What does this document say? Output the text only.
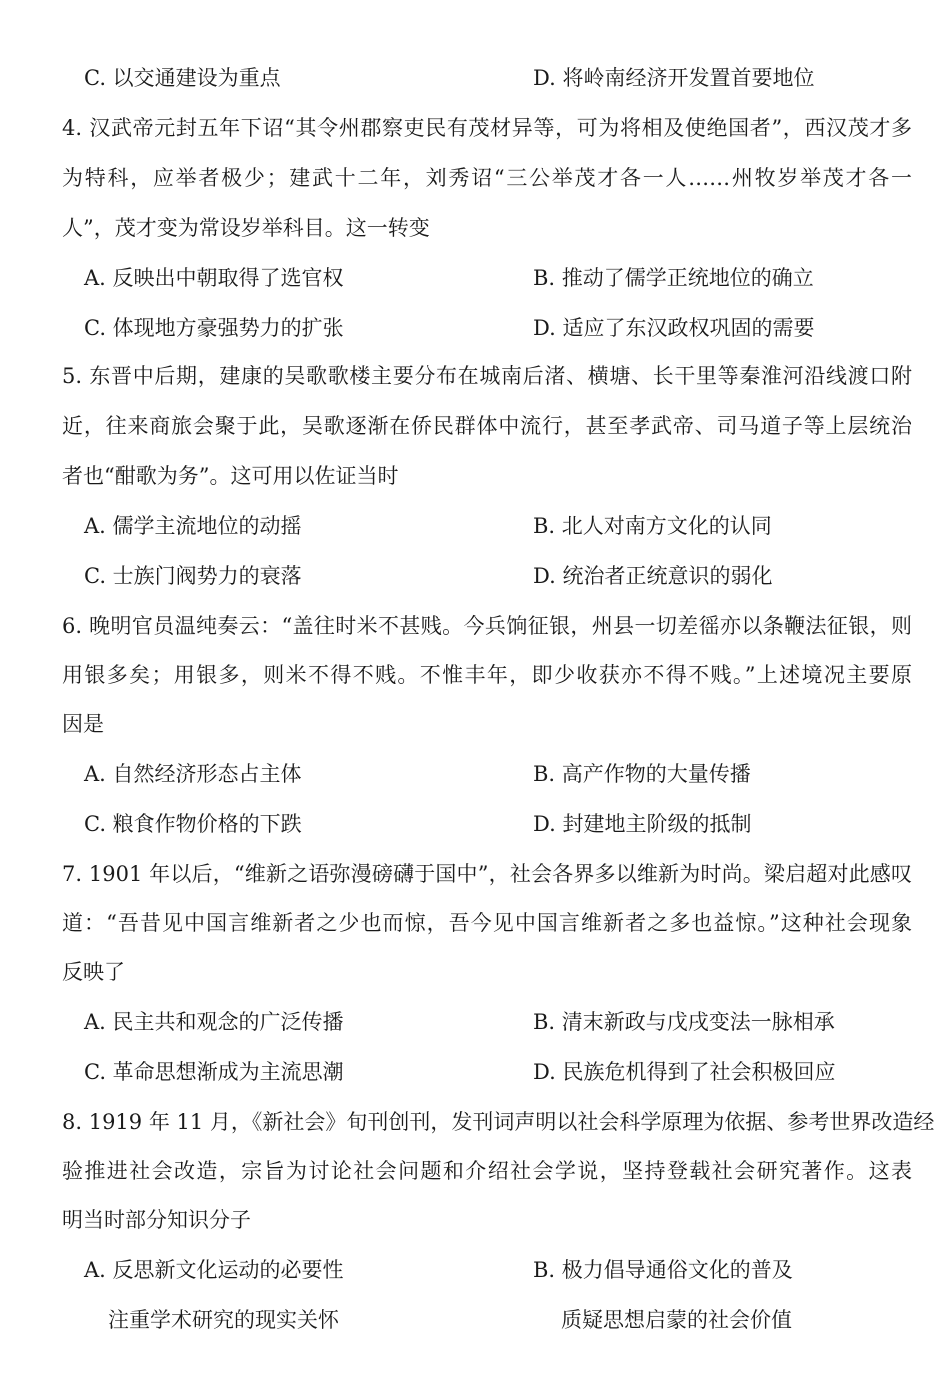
C. 以交通建设为重点	D. 将岭南经济开发置首要地位
4. 汉武帝元封五年下诏“其令州郡察吏民有茂材异等，可为将相及使绝国者”，西汉茂才多
为特科，应举者极少；建武十二年，刘秀诏“三公举茂才各一人……州牧岁举茂才各一
人”，茂才变为常设岁举科目。这一转变
A. 反映出中朝取得了选官权	B. 推动了儒学正统地位的确立
C. 体现地方豪强势力的扩张	D. 适应了东汉政权巩固的需要
5. 东晋中后期，建康的吴歌歌楼主要分布在城南后渚、横塘、长干里等秦淮河沿线渡口附
近，往来商旅会聚于此，吴歌逐渐在侨民群体中流行，甚至孝武帝、司马道子等上层统治
者也“酣歌为务”。这可用以佐证当时
A. 儒学主流地位的动摇	B. 北人对南方文化的认同
C. 士族门阀势力的衰落	D. 统治者正统意识的弱化
6. 晚明官员温纯奏云：“盖往时米不甚贱。今兵饷征银，州县一切差徭亦以条鞭法征银，则
用银多矣；用银多，则米不得不贱。不惟丰年，即少收获亦不得不贱。”上述境况主要原
因是
A. 自然经济形态占主体	B. 高产作物的大量传播
C. 粮食作物价格的下跌	D. 封建地主阶级的抵制
7. 1901 年以后，“维新之语弥漫磅礴于国中”，社会各界多以维新为时尚。梁启超对此感叹
道：“吾昔见中国言维新者之少也而惊，吾今见中国言维新者之多也益惊。”这种社会现象
反映了
A. 民主共和观念的广泛传播	B. 清末新政与戊戌变法一脉相承
C. 革命思想渐成为主流思潮	D. 民族危机得到了社会积极回应
8. 1919 年 11 月，《新社会》旬刊创刊，发刊词声明以社会科学原理为依据、参考世界改造经
验推进社会改造，宗旨为讨论社会问题和介绍社会学说，坚持登载社会研究著作。这表
明当时部分知识分子
A. 反思新文化运动的必要性	B. 极力倡导通俗文化的普及
注重学术研究的现实关怀	质疑思想启蒙的社会价值
